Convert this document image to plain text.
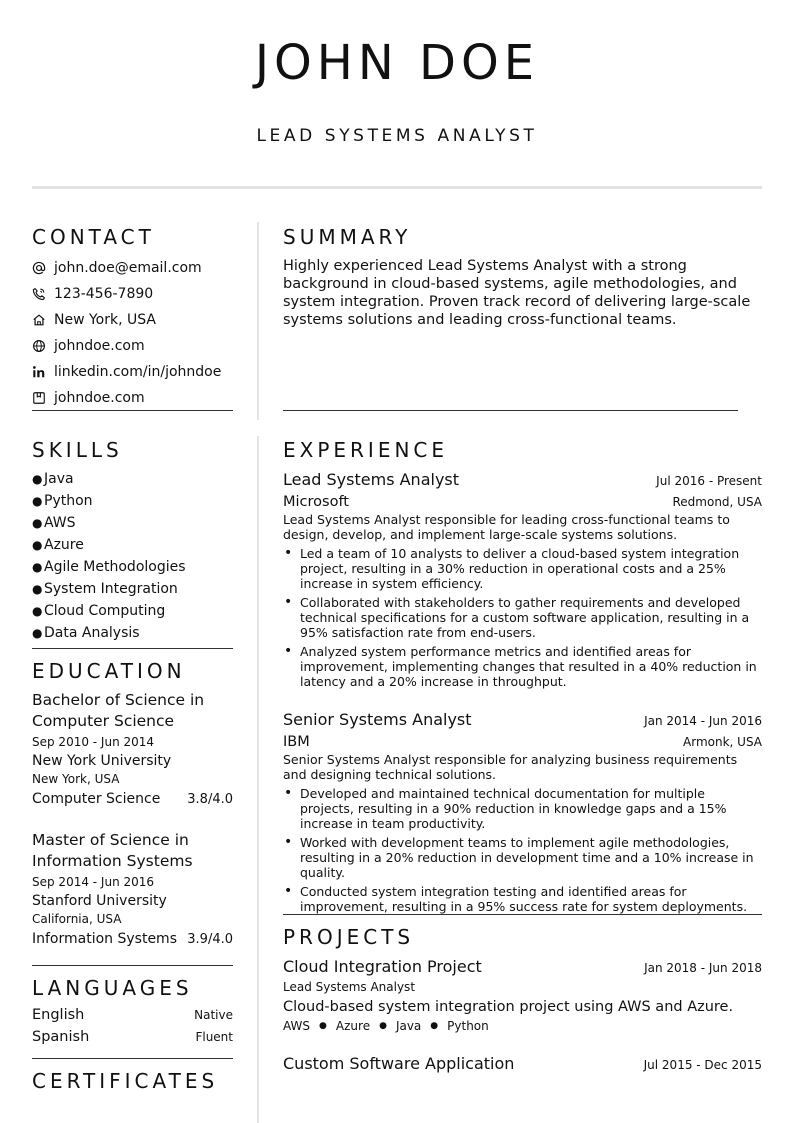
JOHN DOE
LEAD SYSTEMS ANALYST
CONTACT
john.doe@email.com
123-456-7890
New York, USA
johndoe.com
linkedin.com/in/johndoe
johndoe.com
SKILLS
● Java
● Python
● AWS
● Azure
● Agile Methodologies
● System Integration
● Cloud Computing
● Data Analysis
EDUCATION
Bachelor of Science in Computer Science
Sep 2010 - Jun 2014
New York University
New York, USA
Computer Science 3.8/4.0
Master of Science in Information Systems
Sep 2014 - Jun 2016
Stanford University
California, USA
Information Systems 3.9/4.0
LANGUAGES
English	Native
Spanish	Fluent
CERTIFICATES
SUMMARY
Highly experienced Lead Systems Analyst with a strong background in cloud-based systems, agile methodologies, and system integration. Proven track record of delivering large-scale systems solutions and leading cross-functional teams.
EXPERIENCE
Lead Systems Analyst	Jul 2016 - Present
Microsoft	Redmond, USA
Lead Systems Analyst responsible for leading cross-functional teams to design, develop, and implement large-scale systems solutions.
• Led a team of 10 analysts to deliver a cloud-based system integration project, resulting in a 30% reduction in operational costs and a 25% increase in system efficiency.
• Collaborated with stakeholders to gather requirements and developed technical specifications for a custom software application, resulting in a 95% satisfaction rate from end-users.
• Analyzed system performance metrics and identified areas for improvement, implementing changes that resulted in a 40% reduction in latency and a 20% increase in throughput.
Senior Systems Analyst	Jan 2014 - Jun 2016
IBM	Armonk, USA
Senior Systems Analyst responsible for analyzing business requirements and designing technical solutions.
• Developed and maintained technical documentation for multiple projects, resulting in a 90% reduction in knowledge gaps and a 15% increase in team productivity.
• Worked with development teams to implement agile methodologies, resulting in a 20% reduction in development time and a 10% increase in quality.
• Conducted system integration testing and identified areas for improvement, resulting in a 95% success rate for system deployments.
PROJECTS
Cloud Integration Project	Jan 2018 - Jun 2018
Lead Systems Analyst
Cloud-based system integration project using AWS and Azure.
AWS ● Azure ● Java ● Python
Custom Software Application	Jul 2015 - Dec 2015
